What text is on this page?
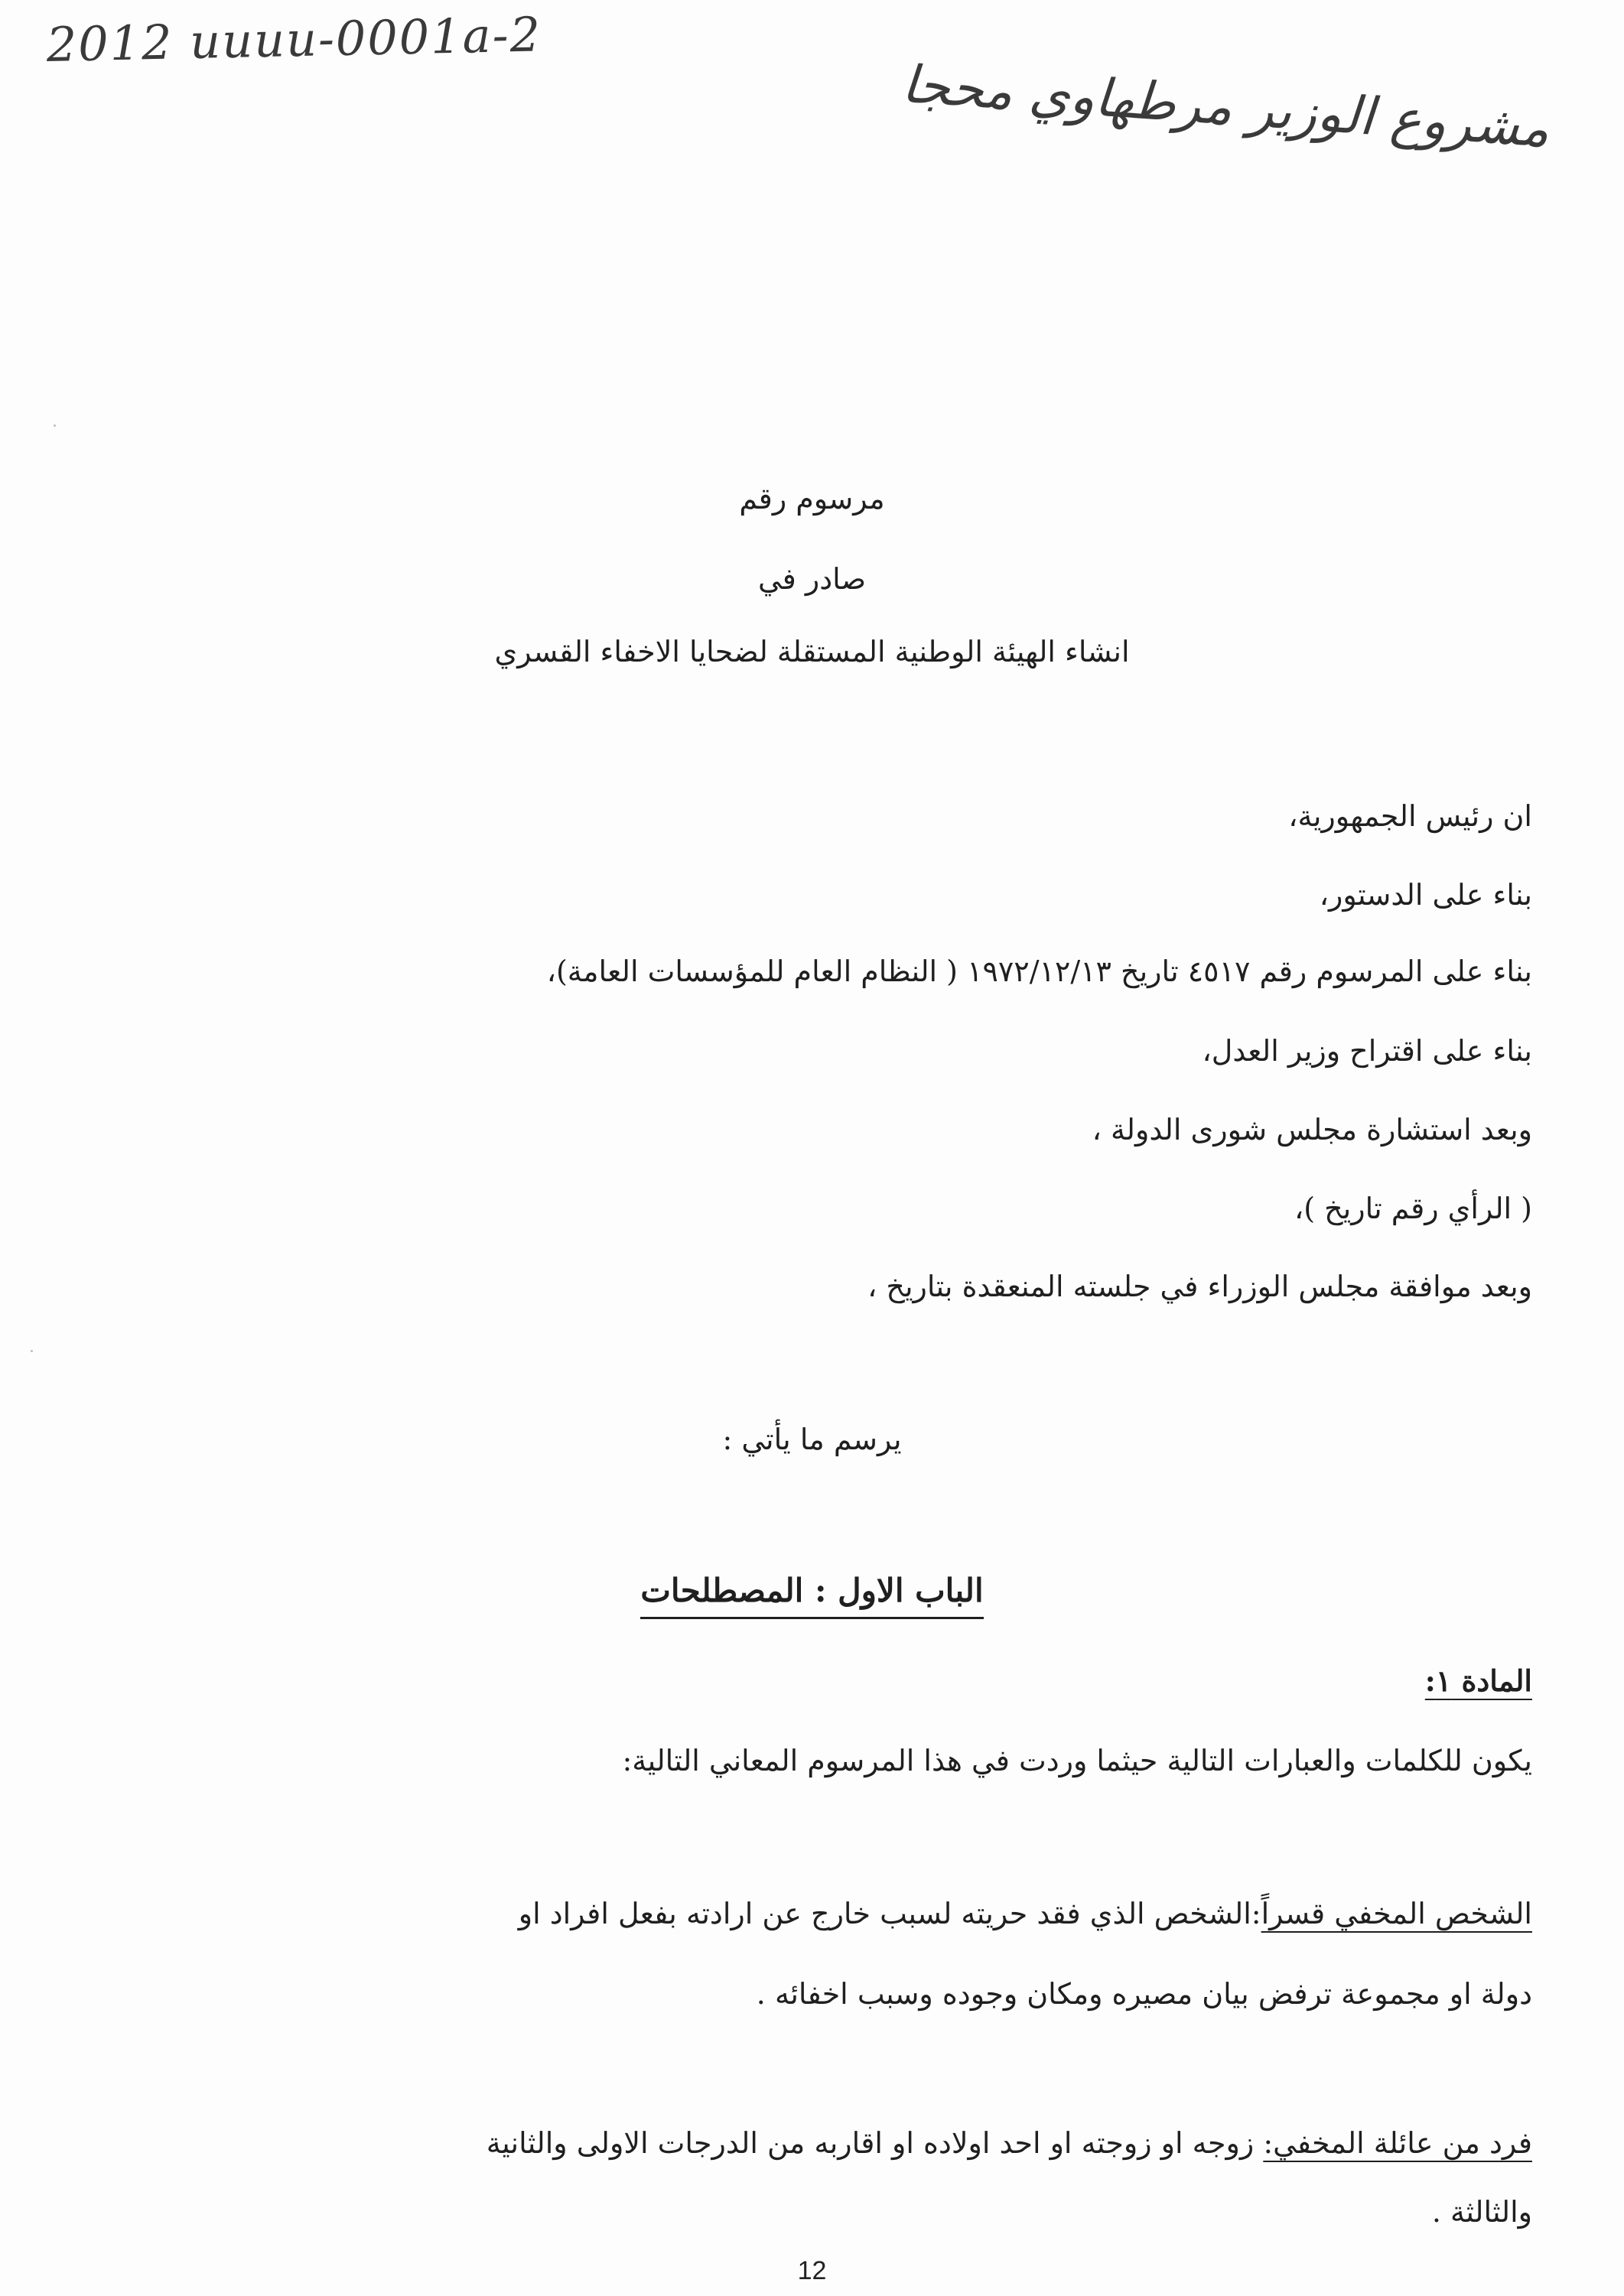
2012 uuuu-0001a-2
مشروع الوزير مرطهاوي محجا
مرسوم رقم
صادر في
انشاء الهيئة الوطنية المستقلة لضحايا الاخفاء القسري
ان رئيس الجمهورية،
بناء على الدستور،
بناء على المرسوم رقم ٤٥١٧ تاريخ ١٩٧٢/١٢/١٣ ( النظام العام للمؤسسات العامة)،
بناء على اقتراح وزير العدل،
وبعد استشارة مجلس شورى الدولة ،
( الرأي رقم تاريخ )،
وبعد موافقة مجلس الوزراء في جلسته المنعقدة بتاريخ ،
يرسم ما يأتي :
الباب الاول : المصطلحات
المادة ١:
يكون للكلمات والعبارات التالية حيثما وردت في هذا المرسوم المعاني التالية:
الشخص المخفي قسراً:الشخص الذي فقد حريته لسبب خارج عن ارادته بفعل افراد او
دولة او مجموعة ترفض بيان مصيره ومكان وجوده وسبب اخفائه .
فرد من عائلة المخفي: زوجه او زوجته او احد اولاده او اقاربه من الدرجات الاولى والثانية
والثالثة .
12
